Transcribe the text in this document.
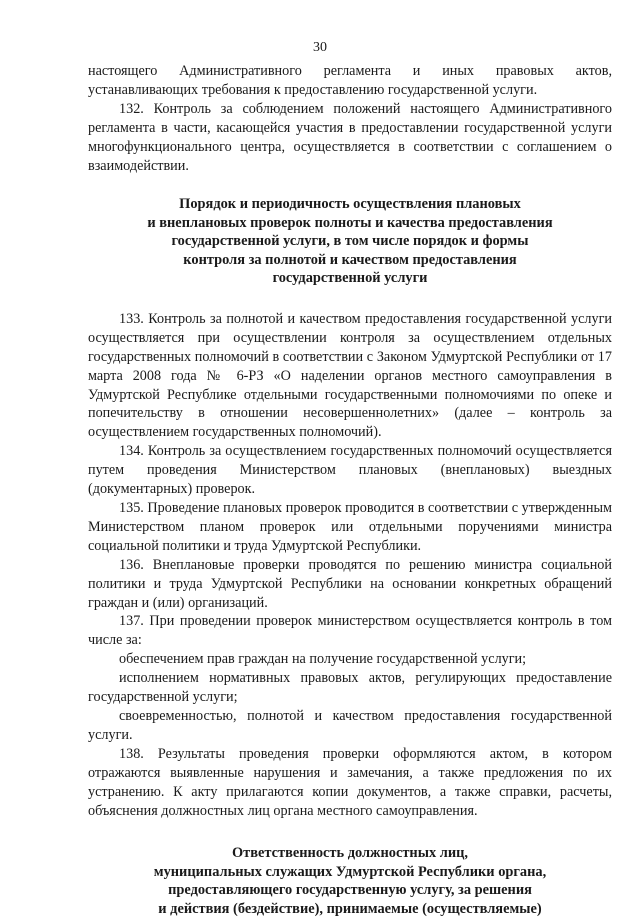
30

настоящего Административного регламента и иных правовых актов, устанавливающих требования к предоставлению государственной услуги.

132. Контроль за соблюдением положений настоящего Административного регламента в части, касающейся участия в предоставлении государственной услуги многофункционального центра, осуществляется в соответствии с соглашением о взаимодействии.

Порядок и периодичность осуществления плановых
и внеплановых проверок полноты и качества предоставления
государственной услуги, в том числе порядок и формы
контроля за полнотой и качеством предоставления
государственной услуги

133. Контроль за полнотой и качеством предоставления государственной услуги осуществляется при осуществлении контроля за осуществлением отдельных государственных полномочий в соответствии с Законом Удмуртской Республики от 17 марта 2008 года № 6-РЗ «О наделении органов местного самоуправления в Удмуртской Республике отдельными государственными полномочиями по опеке и попечительству в отношении несовершеннолетних» (далее – контроль за осуществлением государственных полномочий).

134. Контроль за осуществлением государственных полномочий осуществляется путем проведения Министерством плановых (внеплановых) выездных (документарных) проверок.

135. Проведение плановых проверок проводится в соответствии с утвержденным Министерством планом проверок или отдельными поручениями министра социальной политики и труда Удмуртской Республики.

136. Внеплановые проверки проводятся по решению министра социальной политики и труда Удмуртской Республики на основании конкретных обращений граждан и (или) организаций.

137. При проведении проверок министерством осуществляется контроль в том числе за:

обеспечением прав граждан на получение государственной услуги;

исполнением нормативных правовых актов, регулирующих предоставление государственной услуги;

своевременностью, полнотой и качеством предоставления государственной услуги.

138. Результаты проведения проверки оформляются актом, в котором отражаются выявленные нарушения и замечания, а также предложения по их устранению. К акту прилагаются копии документов, а также справки, расчеты, объяснения должностных лиц органа местного самоуправления.

Ответственность должностных лиц,
муниципальных служащих Удмуртской Республики органа,
предоставляющего государственную услугу, за решения
и действия (бездействие), принимаемые (осуществляемые)
